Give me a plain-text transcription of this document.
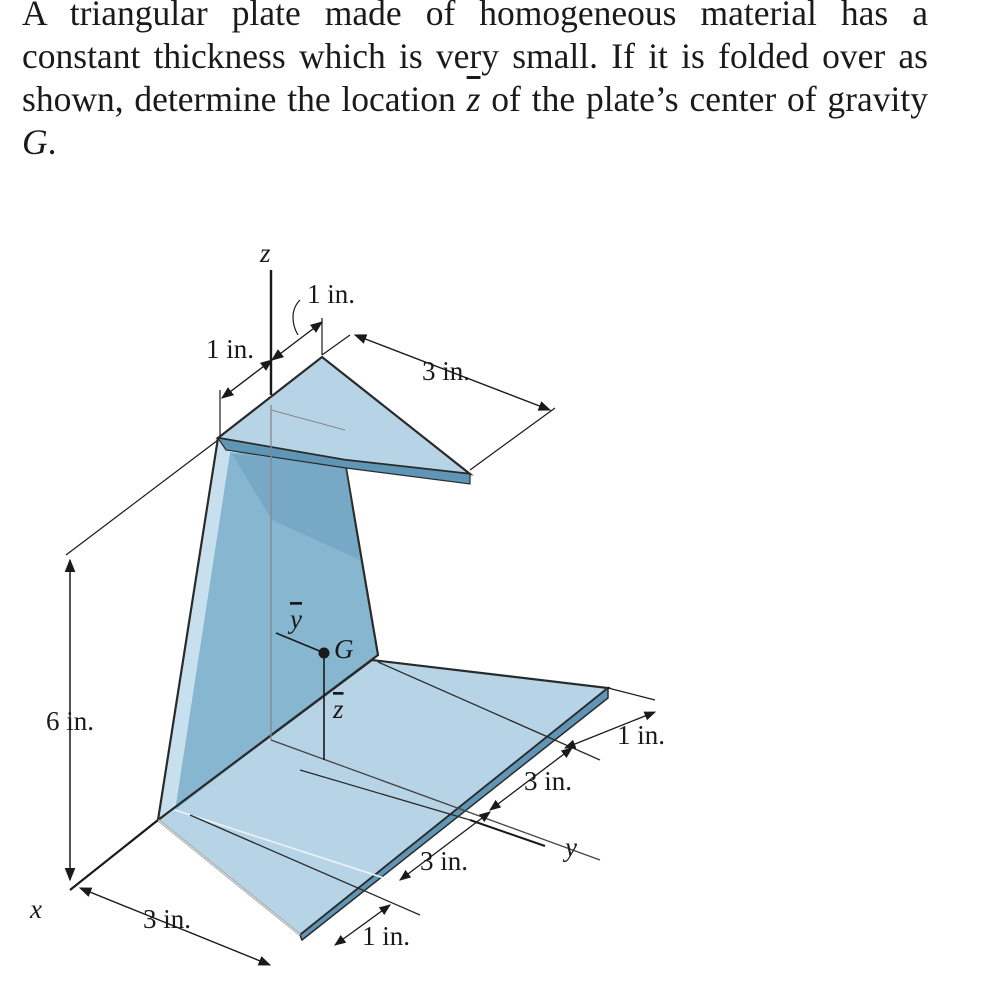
A triangular plate made of homogeneous material has a constant thickness which is very small. If it is folded over as shown, determine the location $\overline{z}$ of the plate’s center of gravity G.

z
x
y
G
y
z
1 in.
1 in.
3 in.
6 in.	1 in.
3 in.
3 in.
3 in.
1 in.
